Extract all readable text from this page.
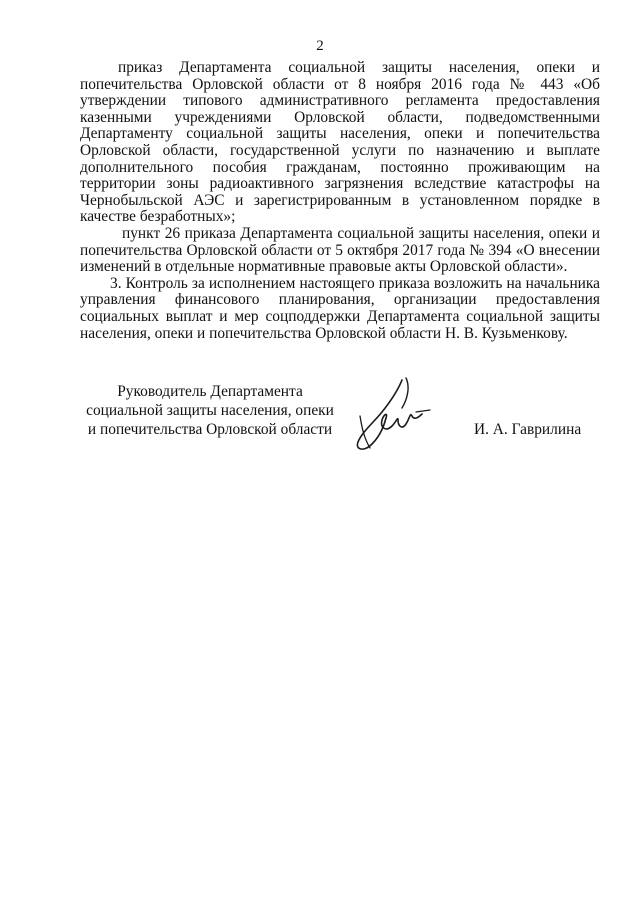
2

приказ Департамента социальной защиты населения, опеки и попечительства Орловской области от 8 ноября 2016 года № 443 «Об утверждении типового административного регламента предоставления казенными учреждениями Орловской области, подведомственными Департаменту социальной защиты населения, опеки и попечительства Орловской области, государственной услуги по назначению и выплате дополнительного пособия гражданам, постоянно проживающим на территории зоны радиоактивного загрязнения вследствие катастрофы на Чернобыльской АЭС и зарегистрированным в установленном порядке в качестве безработных»;

пункт 26 приказа Департамента социальной защиты населения, опеки и попечительства Орловской области от 5 октября 2017 года № 394 «О внесении изменений в отдельные нормативные правовые акты Орловской области».

3. Контроль за исполнением настоящего приказа возложить на начальника управления финансового планирования, организации предоставления социальных выплат и мер соцподдержки Департамента социальной защиты населения, опеки и попечительства Орловской области Н. В. Кузьменкову.

Руководитель Департамента
социальной защиты населения, опеки
и попечительства Орловской области	И. А. Гаврилина
